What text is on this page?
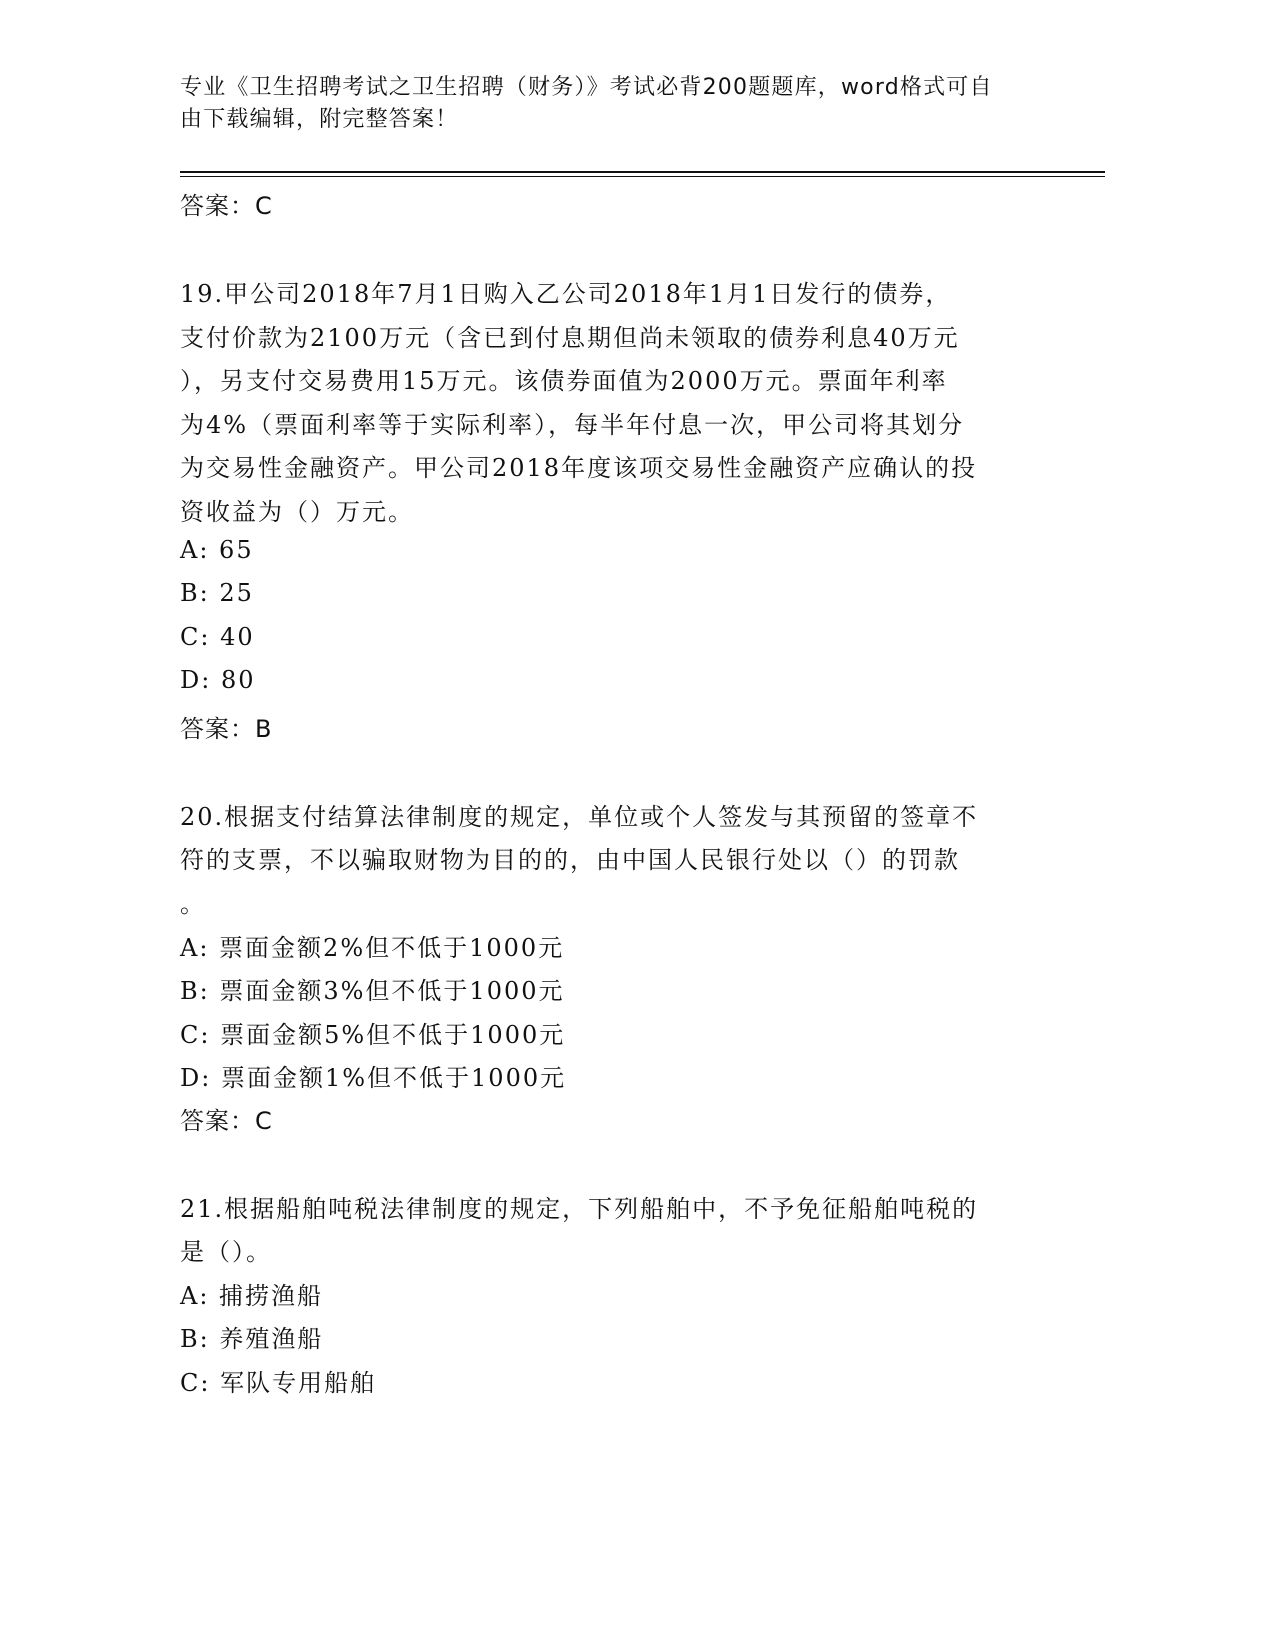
专业《卫生招聘考试之卫生招聘（财务）》考试必背200题题库，word格式可自
由下载编辑，附完整答案！
答案：C
19.甲公司2018年7月1日购入乙公司2018年1月1日发行的债券，
支付价款为2100万元（含已到付息期但尚未领取的债券利息40万元
），另支付交易费用15万元。该债券面值为2000万元。票面年利率
为4%（票面利率等于实际利率），每半年付息一次，甲公司将其划分
为交易性金融资产。甲公司2018年度该项交易性金融资产应确认的投
资收益为（）万元。
A: 65
B: 25
C: 40
D: 80
答案：B
20.根据支付结算法律制度的规定，单位或个人签发与其预留的签章不
符的支票，不以骗取财物为目的的，由中国人民银行处以（）的罚款
。
A: 票面金额2%但不低于1000元
B: 票面金额3%但不低于1000元
C: 票面金额5%但不低于1000元
D: 票面金额1%但不低于1000元
答案：C
21.根据船舶吨税法律制度的规定，下列船舶中，不予免征船舶吨税的
是（）。
A: 捕捞渔船
B: 养殖渔船
C: 军队专用船舶
